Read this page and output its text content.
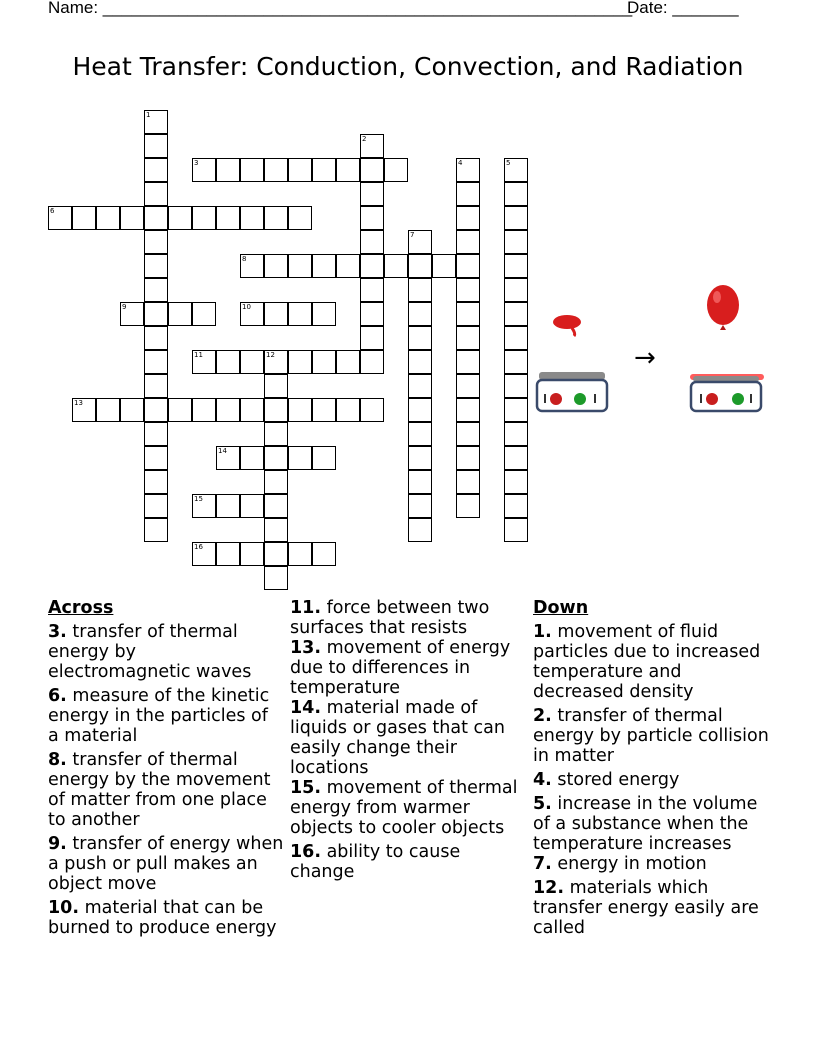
Name: ________________________________________________________
Date: _______
Heat Transfer: Conduction, Convection, and Radiation
1
2
3	4	5
6
7
8
9	10
11	12
13
14
15
16
→
Across
3. transfer of thermal energy by electromagnetic waves
6. measure of the kinetic energy in the particles of a material
8. transfer of thermal energy by the movement of matter from one place to another
9. transfer of energy when a push or pull makes an object move
10. material that can be burned to produce energy
11. force between two surfaces that resists
13. movement of energy due to differences in temperature
14. material made of liquids or gases that can easily change their locations
15. movement of thermal energy from warmer objects to cooler objects
16. ability to cause change
Down
1. movement of fluid particles due to increased temperature and decreased density
2. transfer of thermal energy by particle collision in matter
4. stored energy
5. increase in the volume of a substance when the temperature increases
7. energy in motion
12. materials which transfer energy easily are called
